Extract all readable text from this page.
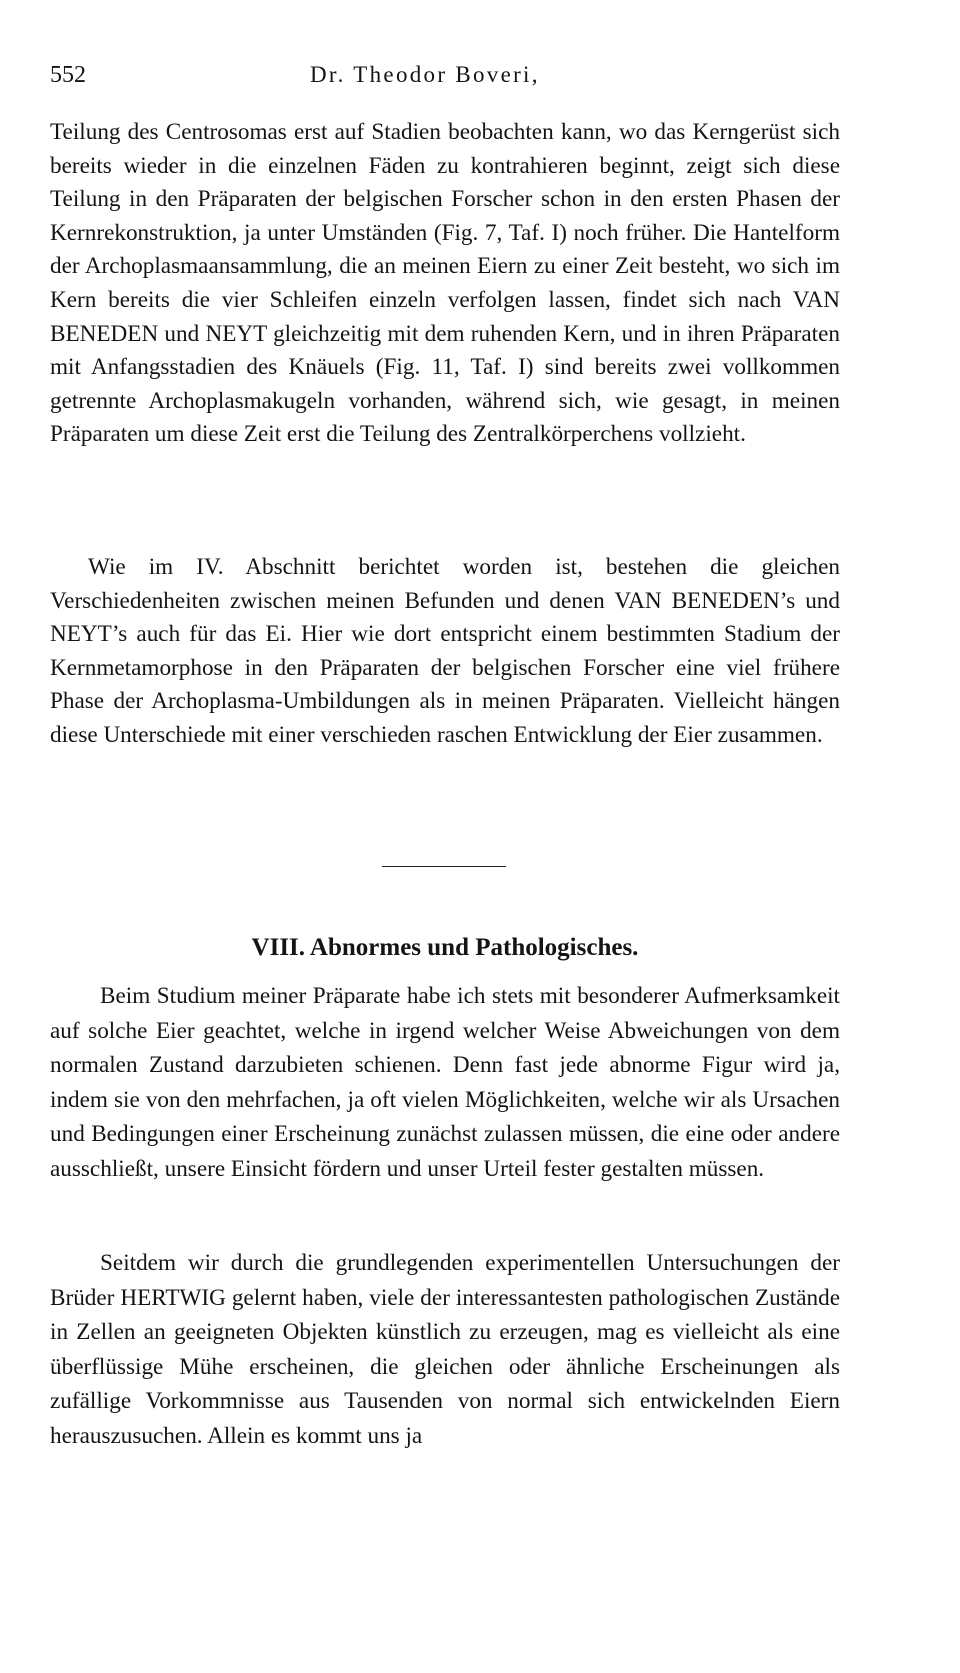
552	Dr. Theodor Boveri,

Teilung des Centrosomas erst auf Stadien beobachten kann, wo das Kerngerüst sich bereits wieder in die einzelnen Fäden zu kontrahieren beginnt, zeigt sich diese Teilung in den Präparaten der belgischen Forscher schon in den ersten Phasen der Kernrekonstruktion, ja unter Umständen (Fig. 7, Taf. I) noch früher. Die Hantelform der Archoplasmaansammlung, die an meinen Eiern zu einer Zeit besteht, wo sich im Kern bereits die vier Schleifen einzeln verfolgen lassen, findet sich nach VAN BENEDEN und NEYT gleichzeitig mit dem ruhenden Kern, und in ihren Präparaten mit Anfangsstadien des Knäuels (Fig. 11, Taf. I) sind bereits zwei vollkommen getrennte Archoplasmakugeln vorhanden, während sich, wie gesagt, in meinen Präparaten um diese Zeit erst die Teilung des Zentralkörperchens vollzieht.

Wie im IV. Abschnitt berichtet worden ist, bestehen die gleichen Verschiedenheiten zwischen meinen Befunden und denen VAN BENEDEN’s und NEYT’s auch für das Ei. Hier wie dort entspricht einem bestimmten Stadium der Kernmetamorphose in den Präparaten der belgischen Forscher eine viel frühere Phase der Archoplasma-Umbildungen als in meinen Präparaten. Vielleicht hängen diese Unterschiede mit einer verschieden raschen Entwicklung der Eier zusammen.

VIII. Abnormes und Pathologisches.

Beim Studium meiner Präparate habe ich stets mit besonderer Aufmerksamkeit auf solche Eier geachtet, welche in irgend welcher Weise Abweichungen von dem normalen Zustand darzubieten schienen. Denn fast jede abnorme Figur wird ja, indem sie von den mehrfachen, ja oft vielen Möglichkeiten, welche wir als Ursachen und Bedingungen einer Erscheinung zunächst zulassen müssen, die eine oder andere ausschließt, unsere Einsicht fördern und unser Urteil fester gestalten müssen.

Seitdem wir durch die grundlegenden experimentellen Untersuchungen der Brüder HERTWIG gelernt haben, viele der interessantesten pathologischen Zustände in Zellen an geeigneten Objekten künstlich zu erzeugen, mag es vielleicht als eine überflüssige Mühe erscheinen, die gleichen oder ähnliche Erscheinungen als zufällige Vorkommnisse aus Tausenden von normal sich entwickelnden Eiern herauszusuchen. Allein es kommt uns ja
